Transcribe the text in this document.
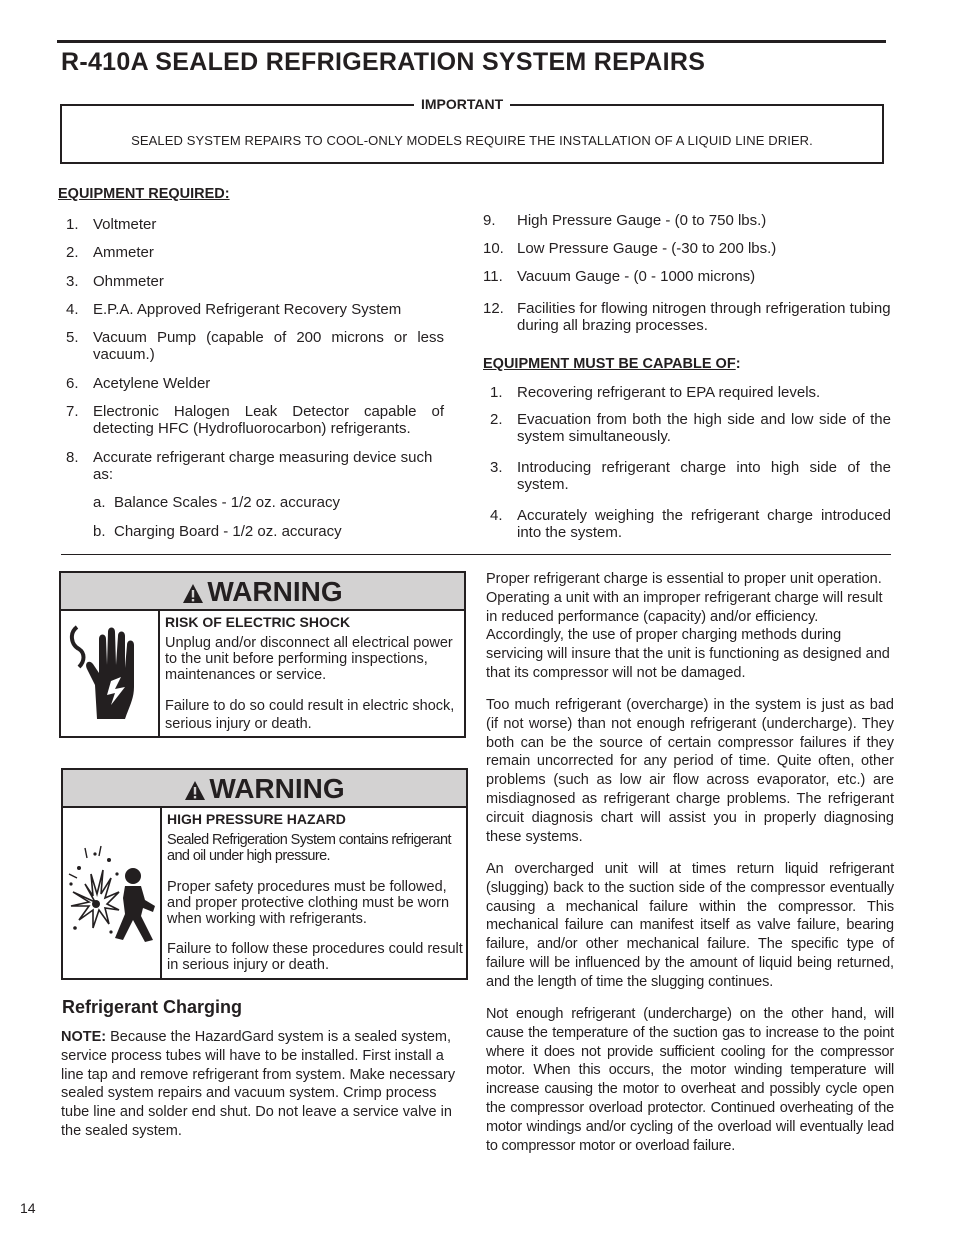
R-410A SEALED REFRIGERATION SYSTEM REPAIRS
IMPORTANT
SEALED SYSTEM REPAIRS TO COOL-ONLY MODELS REQUIRE THE INSTALLATION OF A LIQUID LINE DRIER.
EQUIPMENT REQUIRED:
1. Voltmeter
2. Ammeter
3. Ohmmeter
4. E.P.A. Approved Refrigerant Recovery System
5. Vacuum Pump (capable of 200 microns or less vacuum.)
6. Acetylene Welder
7. Electronic Halogen Leak Detector capable of detecting HFC (Hydrofluorocarbon) refrigerants.
8. Accurate refrigerant charge measuring device such as:
a. Balance Scales - 1/2 oz. accuracy
b. Charging Board - 1/2 oz. accuracy
9. High Pressure Gauge - (0 to 750 lbs.)
10. Low Pressure Gauge - (-30 to 200 lbs.)
11. Vacuum Gauge - (0 - 1000 microns)
12. Facilities for flowing nitrogen through refrigeration tubing during all brazing processes.
EQUIPMENT MUST BE CAPABLE OF:
1. Recovering refrigerant to EPA required levels.
2. Evacuation from both the high side and low side of the system simultaneously.
3. Introducing refrigerant charge into high side of the system.
4. Accurately weighing the refrigerant charge introduced into the system.
WARNING
RISK OF ELECTRIC SHOCK
Unplug and/or disconnect all electrical power to the unit before performing inspections, maintenances or service.
Failure to do so could result in electric shock, serious injury or death.
WARNING
HIGH PRESSURE HAZARD
Sealed Refrigeration System contains refrigerant and oil under high pressure.
Proper safety procedures must be followed, and proper protective clothing must be worn when working with refrigerants.
Failure to follow these procedures could result in serious injury or death.
Refrigerant Charging
NOTE: Because the HazardGard system is a sealed system, service process tubes will have to be installed. First install a line tap and remove refrigerant from system. Make necessary sealed system repairs and vacuum system. Crimp process tube line and solder end shut. Do not leave a service valve in the sealed system.
Proper refrigerant charge is essential to proper unit operation. Operating a unit with an improper refrigerant charge will result in reduced performance (capacity) and/or efficiency. Accordingly, the use of proper charging methods during servicing will insure that the unit is functioning as designed and that its compressor will not be damaged.
Too much refrigerant (overcharge) in the system is just as bad (if not worse) than not enough refrigerant (undercharge). They both can be the source of certain compressor failures if they remain uncorrected for any period of time. Quite often, other problems (such as low air flow across evaporator, etc.) are misdiagnosed as refrigerant charge problems. The refrigerant circuit diagnosis chart will assist you in properly diagnosing these systems.
An overcharged unit will at times return liquid refrigerant (slugging) back to the suction side of the compressor eventually causing a mechanical failure within the compressor. This mechanical failure can manifest itself as valve failure, bearing failure, and/or other mechanical failure. The specific type of failure will be influenced by the amount of liquid being returned, and the length of time the slugging continues.
Not enough refrigerant (undercharge) on the other hand, will cause the temperature of the suction gas to increase to the point where it does not provide sufficient cooling for the compressor motor. When this occurs, the motor winding temperature will increase causing the motor to overheat and possibly cycle open the compressor overload protector. Continued overheating of the motor windings and/or cycling of the overload will eventually lead to compressor motor or overload failure.
14
